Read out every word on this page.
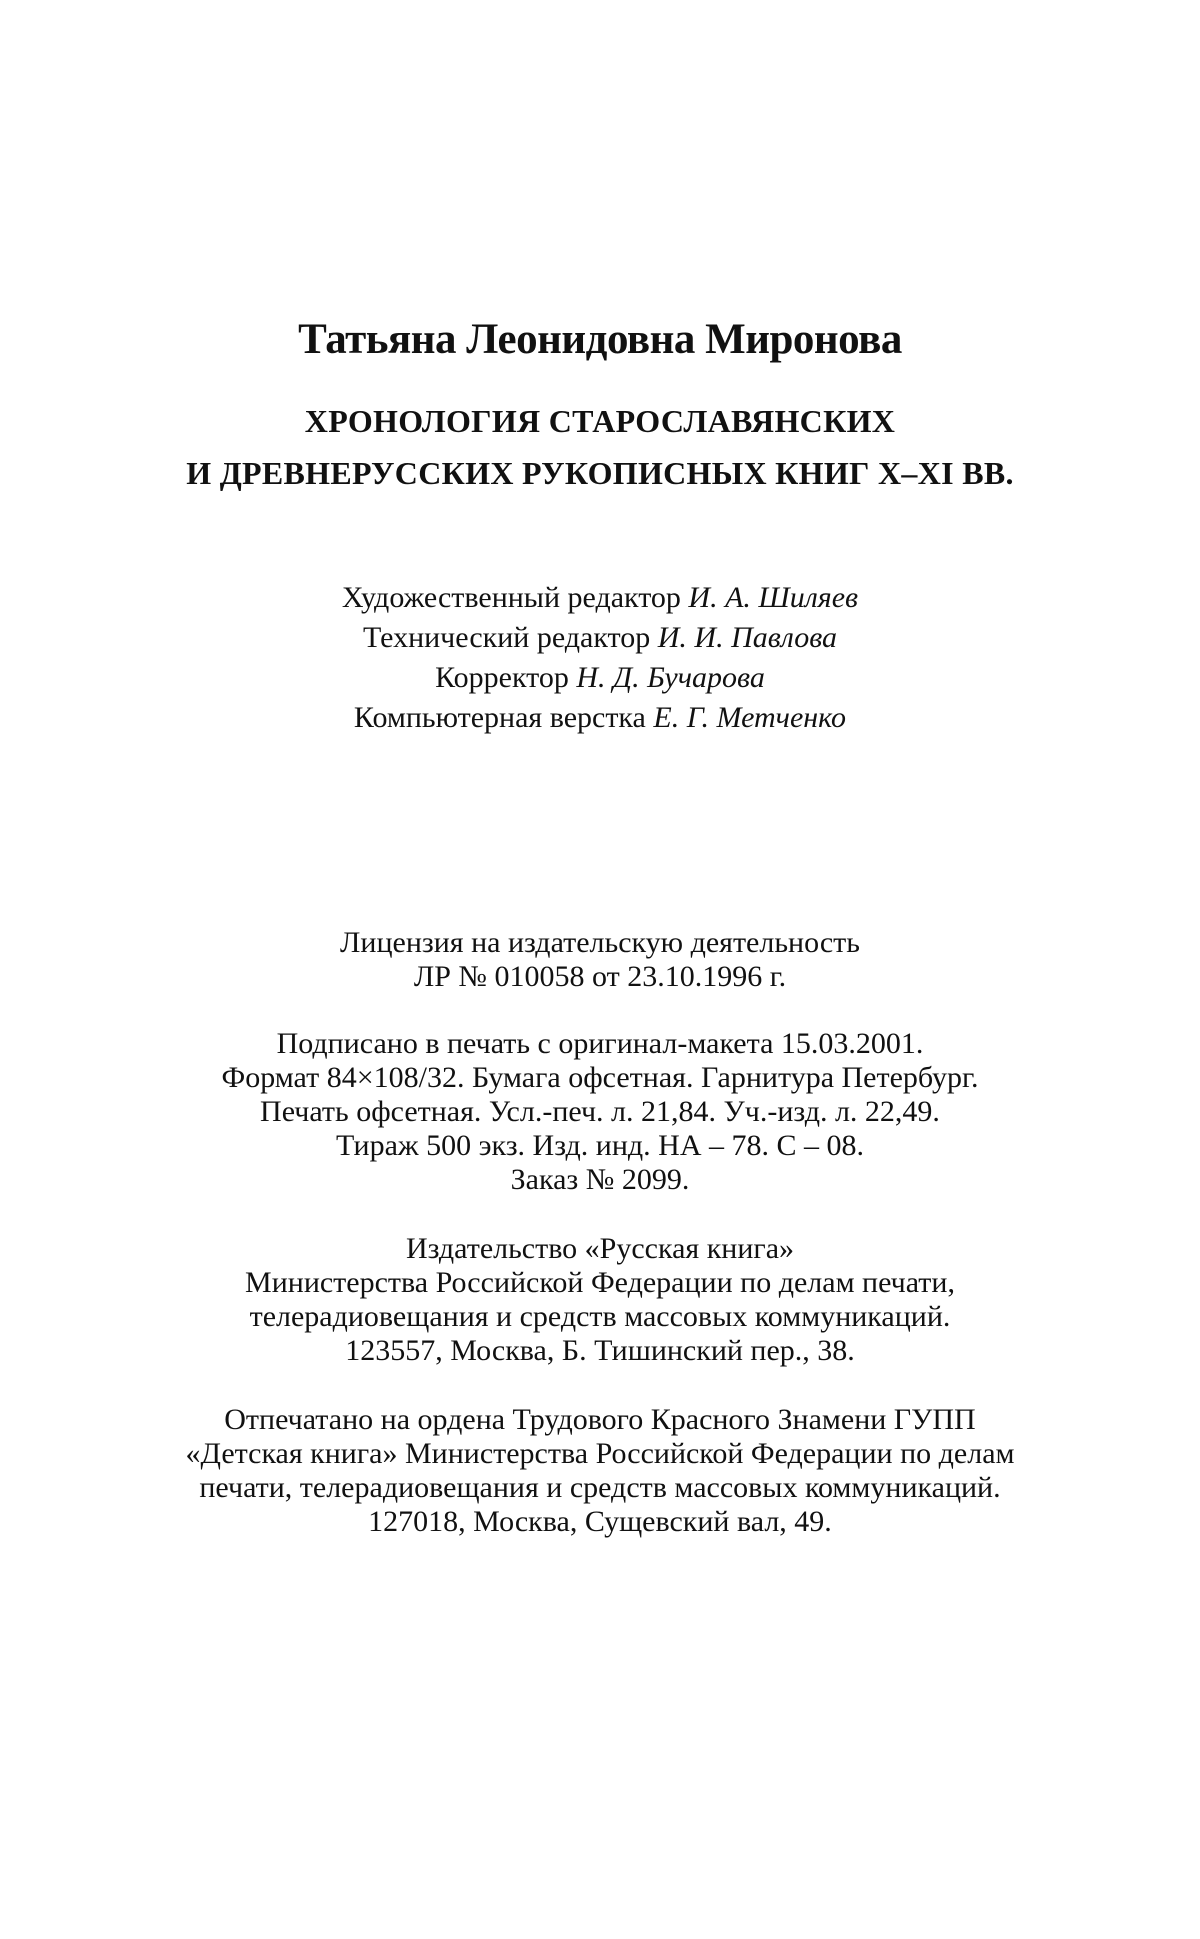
Татьяна Леонидовна Миронова
ХРОНОЛОГИЯ СТАРОСЛАВЯНСКИХ
И ДРЕВНЕРУССКИХ РУКОПИСНЫХ КНИГ X–XI ВВ.
Художественный редактор И. А. Шиляев
Технический редактор И. И. Павлова
Корректор Н. Д. Бучарова
Компьютерная верстка Е. Г. Метченко
Лицензия на издательскую деятельность
ЛР № 010058 от 23.10.1996 г.
Подписано в печать с оригинал-макета 15.03.2001.
Формат 84×108/32. Бумага офсетная. Гарнитура Петербург.
Печать офсетная. Усл.-печ. л. 21,84. Уч.-изд. л. 22,49.
Тираж 500 экз. Изд. инд. НА – 78. С – 08.
Заказ № 2099.
Издательство «Русская книга»
Министерства Российской Федерации по делам печати,
телерадиовещания и средств массовых коммуникаций.
123557, Москва, Б. Тишинский пер., 38.
Отпечатано на ордена Трудового Красного Знамени ГУПП
«Детская книга» Министерства Российской Федерации по делам
печати, телерадиовещания и средств массовых коммуникаций.
127018, Москва, Сущевский вал, 49.
